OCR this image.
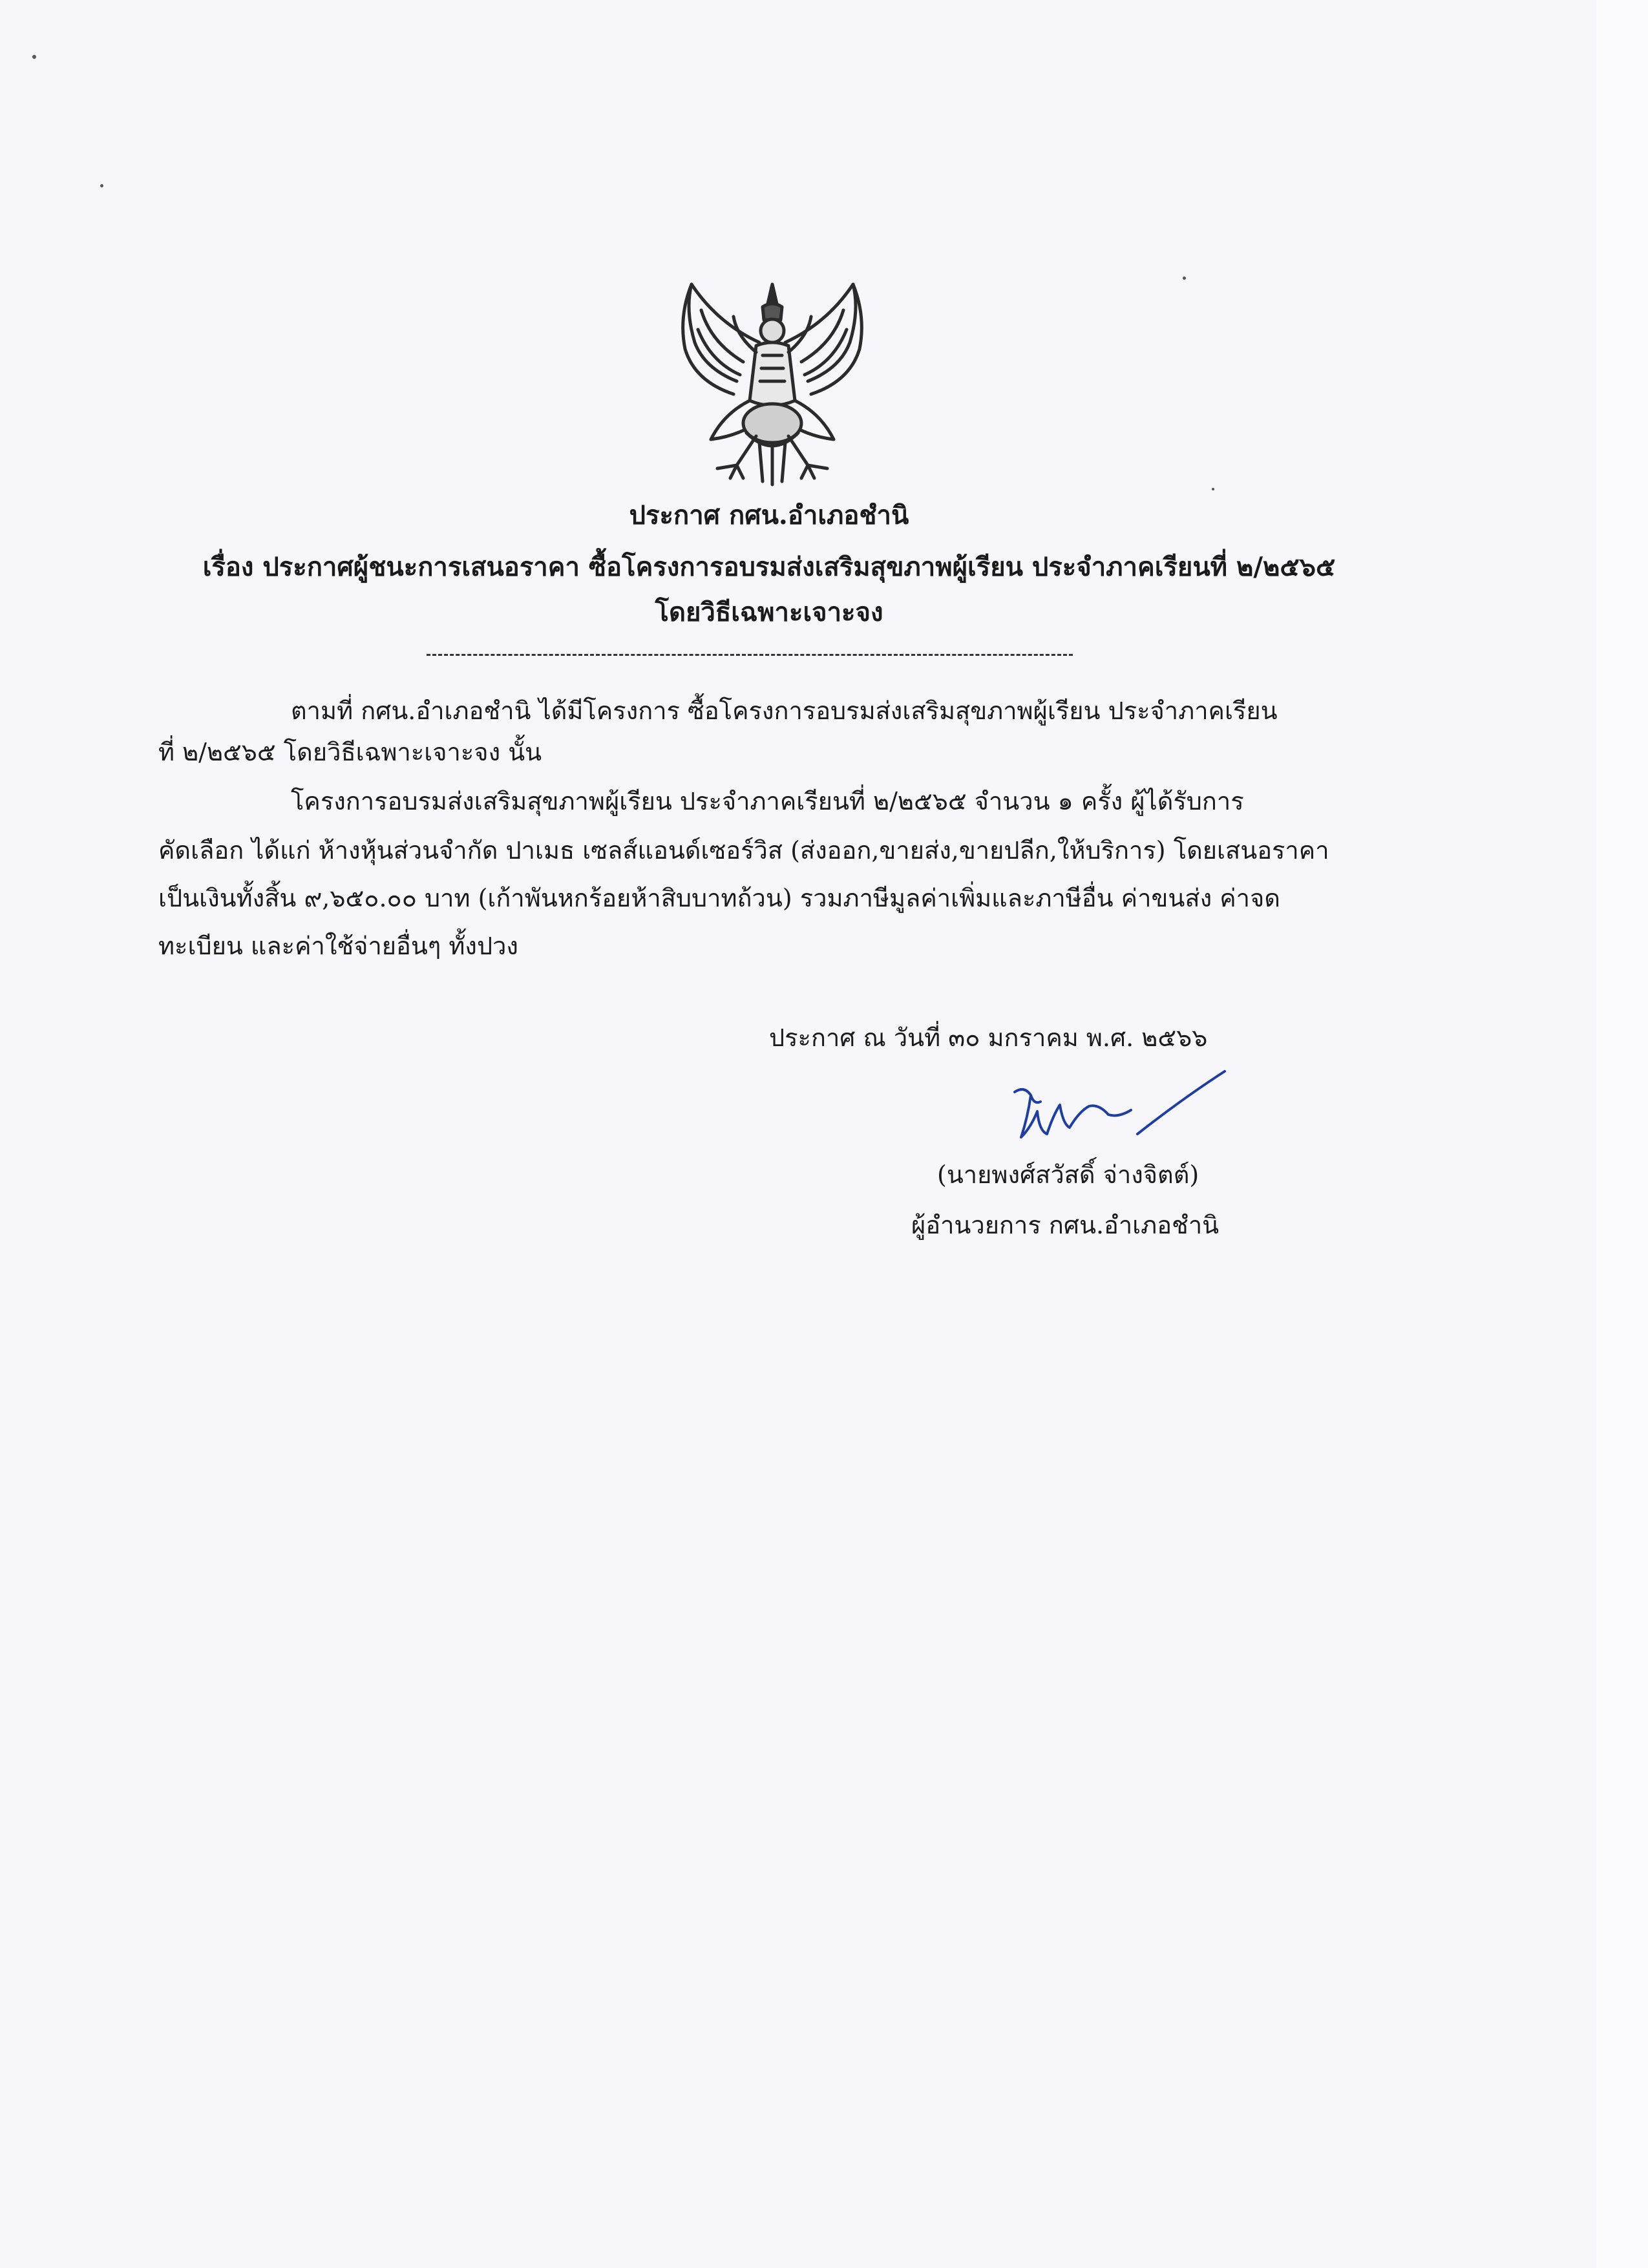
ประกาศ กศน.อำเภอชำนิ
เรื่อง ประกาศผู้ชนะการเสนอราคา ซื้อโครงการอบรมส่งเสริมสุขภาพผู้เรียน ประจำภาคเรียนที่ ๒/๒๕๖๕
โดยวิธีเฉพาะเจาะจง
ตามที่ กศน.อำเภอชำนิ ได้มีโครงการ ซื้อโครงการอบรมส่งเสริมสุขภาพผู้เรียน ประจำภาคเรียน
ที่ ๒/๒๕๖๕ โดยวิธีเฉพาะเจาะจง นั้น
โครงการอบรมส่งเสริมสุขภาพผู้เรียน ประจำภาคเรียนที่ ๒/๒๕๖๕ จำนวน ๑ ครั้ง ผู้ได้รับการ
คัดเลือก ได้แก่ ห้างหุ้นส่วนจำกัด ปาเมธ เซลส์แอนด์เซอร์วิส (ส่งออก,ขายส่ง,ขายปลีก,ให้บริการ) โดยเสนอราคา
เป็นเงินทั้งสิ้น ๙,๖๕๐.๐๐ บาท (เก้าพันหกร้อยห้าสิบบาทถ้วน) รวมภาษีมูลค่าเพิ่มและภาษีอื่น ค่าขนส่ง ค่าจด
ทะเบียน และค่าใช้จ่ายอื่นๆ ทั้งปวง
ประกาศ ณ วันที่ ๓๐ มกราคม พ.ศ. ๒๕๖๖
(นายพงศ์สวัสดิ์ จ่างจิตต์)
ผู้อำนวยการ กศน.อำเภอชำนิ
